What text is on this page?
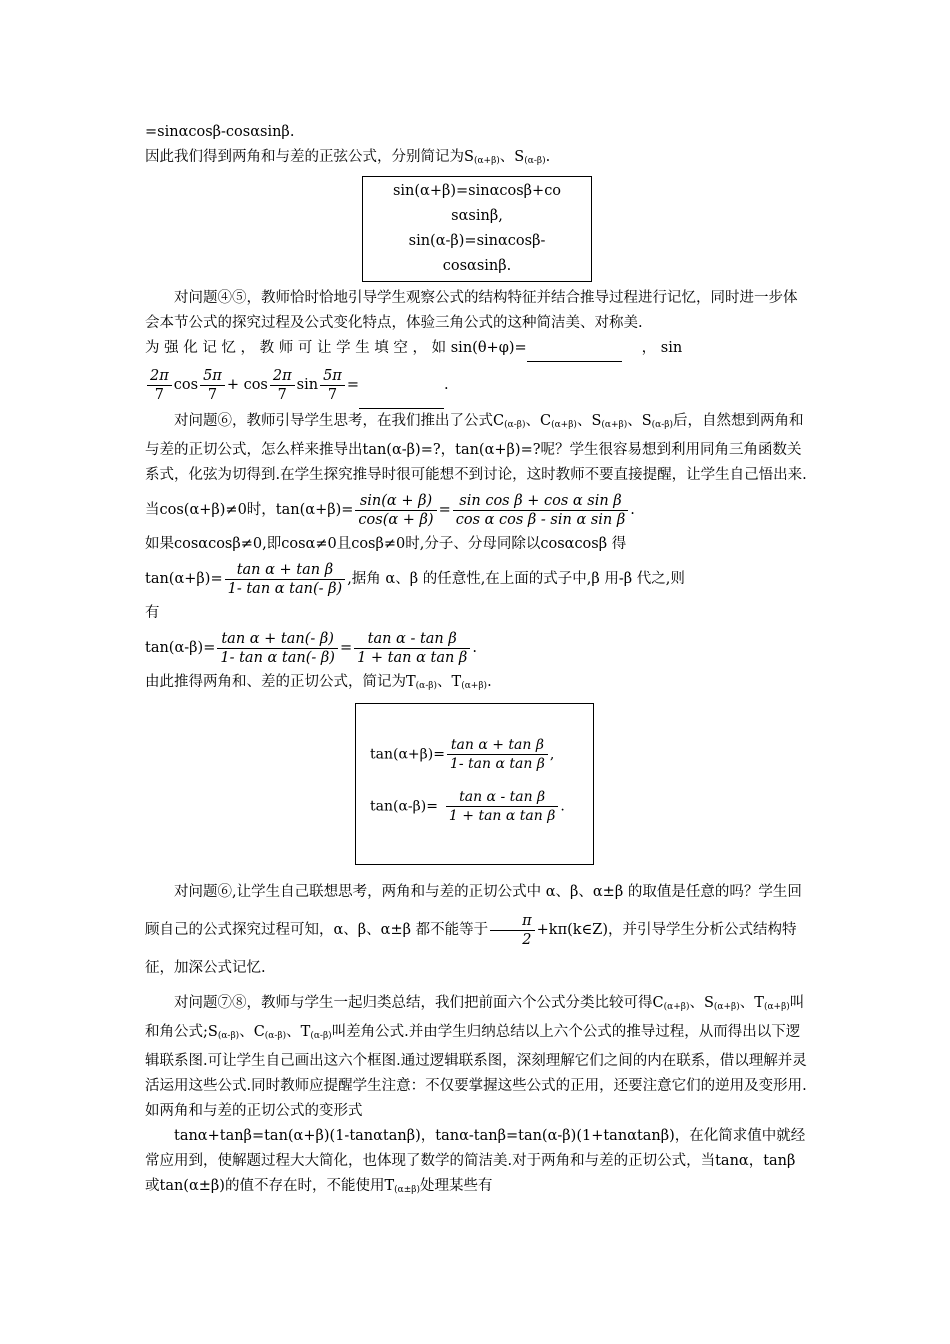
=sinαcosβ-cosαsinβ.

因此我们得到两角和与差的正弦公式，分别简记为$S_{(\alpha+\beta)}$、$S_{(\alpha-\beta)}$.

sin(α+β)=sinαcosβ+co
sαsinβ,
sin(α-β)=sinαcosβ-
cosαsinβ.

对问题④⑤，教师恰时恰地引导学生观察公式的结构特征并结合推导过程进行记忆，同时进一步体会本节公式的探究过程及公式变化特点，体验三角公式的这种简洁美、对称美.

为 强 化 记 忆 ， 教 师 可 让 学 生 填 空 ， 如 sin(θ+φ)=	， sin

$\frac{2\pi}{7}$ $\cos \frac{5\pi}{7} + \cos \frac{2\pi}{7}$ $\sin \frac{5\pi}{7}$ =	.

对问题⑥，教师引导学生思考，在我们推出了公式$C_{(\alpha-\beta)}$、$C_{(\alpha+\beta)}$、$S_{(\alpha+\beta)}$、$S_{(\alpha-\beta)}$后，自然想到两角和与差的正切公式，怎么样来推导出tan(α-β)=?，tan(α+β)=?呢？学生很容易想到利用同角三角函数关系式，化弦为切得到.在学生探究推导时很可能想不到讨论，这时教师不要直接提醒，让学生自己悟出来.

当cos(α+β)≠0时，$\tan(\alpha+\beta)= \frac{\sin(\alpha + \beta)}{\cos(\alpha + \beta)} = \frac{\text{sin cos β + cos α sin β}}{\text{cos α cos β - sin α sin β}}$ .

如果cosαcosβ≠0,即cosα≠0且cosβ≠0时,分子、分母同除以cosαcosβ 得

$\tan(\alpha+\beta)= \frac{\text{tan α + tan β}}{\text{1- tan α tan(- β)}}$ ,据角 α、β 的任意性,在上面的式子中,β 用-β 代之,则

有

$\tan(\alpha-\beta)= \frac{\text{tan α + tan(- β)}}{\text{1- tan α tan(- β)}} = \frac{\text{tan α - tan β}}{\text{1 + tan α tan β}}$ .

由此推得两角和、差的正切公式，简记为$T_{(\alpha-\beta)}$、$T_{(\alpha+\beta)}$.

$\tan(\alpha+\beta)= \frac{\text{tan α + tan β}}{\text{1- tan α tan β}}$ ,
$\tan(\alpha-\beta)= \frac{\text{tan α - tan β}}{\text{1 + tan α tan β}}$ .

对问题⑥,让学生自己联想思考，两角和与差的正切公式中 α、β、α±β 的取值是任意的吗？学生回顾自己的公式探究过程可知，α、β、α±β 都不能等于 $\frac{\pi}{2}$ +kπ(k∈Z)，并引导学生分析公式结构特征，加深公式记忆.

对问题⑦⑧，教师与学生一起归类总结，我们把前面六个公式分类比较可得$C_{(\alpha+\beta)}$、$S_{(\alpha+\beta)}$、$T_{(\alpha+\beta)}$叫和角公式$;S_{(\alpha-\beta)}$、$C_{(\alpha-\beta)}$、$T_{(\alpha-\beta)}$叫差角公式.并由学生归纳总结以上六个公式的推导过程，从而得出以下逻辑联系图.可让学生自己画出这六个框图.通过逻辑联系图，深刻理解它们之间的内在联系，借以理解并灵活运用这些公式.同时教师应提醒学生注意：不仅要掌握这些公式的正用，还要注意它们的逆用及变形用.如两角和与差的正切公式的变形式

tanα+tanβ=tan(α+β)(1-tanαtanβ)，tanα-tanβ=tan(α-β)(1+tanαtanβ)，在化简求值中就经常应用到，使解题过程大大简化，也体现了数学的简洁美.对于两角和与差的正切公式，当tanα，tanβ 或tan(α±β)的值不存在时，不能使用$T_{(\alpha\pm\beta)}$处理某些有
